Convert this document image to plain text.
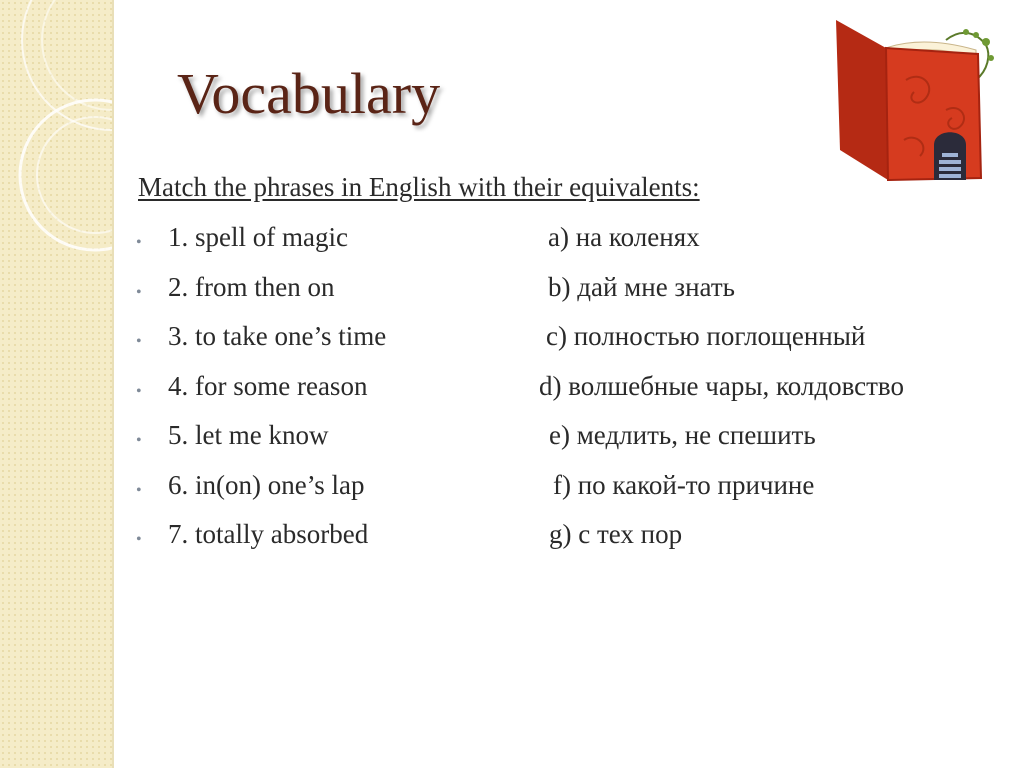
Vocabulary
Match the phrases in English with their equivalents:
• 1. spell of magic	a) на коленях
• 2. from then on	b) дай мне знать
• 3. to take one’s time	c) полностью поглощенный
• 4. for some reason	d) волшебные чары, колдовство
• 5. let me know	e) медлить, не спешить
• 6. in(on) one’s lap	f) по какой-то причине
• 7. totally absorbed	g) с тех пор
